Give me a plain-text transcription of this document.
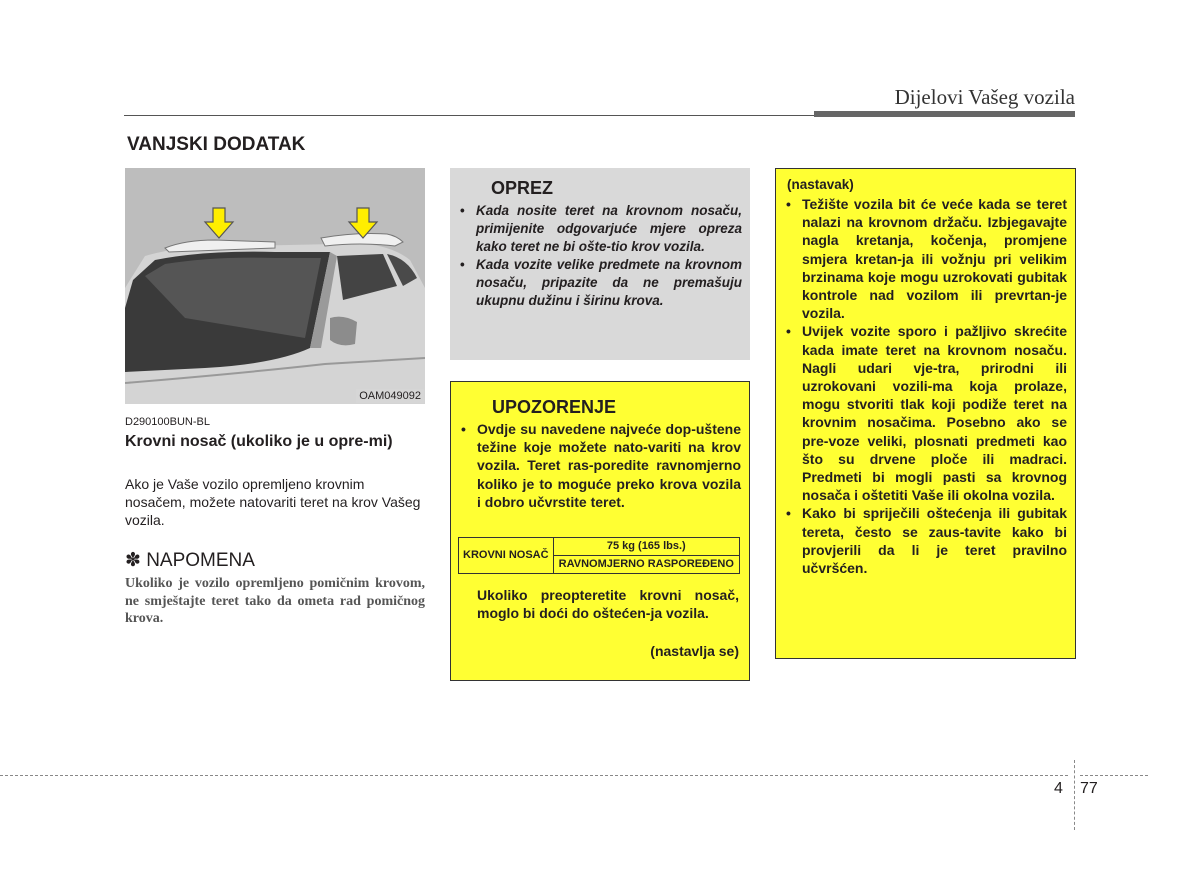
Dijelovi Vašeg vozila
VANJSKI DODATAK
OAM049092
D290100BUN-BL
Krovni nosač (ukoliko je u opre-mi)
Ako je Vaše vozilo opremljeno krovnim nosačem, možete natovariti teret na krov Vašeg vozila.
✽ NAPOMENA
Ukoliko je vozilo opremljeno pomičnim krovom, ne smještajte teret tako da ometa rad pomičnog krova.
OPREZ
• Kada nosite teret na krovnom nosaču, primijenite odgovarjuće mjere opreza kako teret ne bi ošte-tio krov vozila.
• Kada vozite velike predmete na krovnom nosaču, pripazite da ne premašuju ukupnu dužinu i širinu krova.
UPOZORENJE
• Ovdje su navedene najveće dop-uštene težine koje možete nato-variti na krov vozila. Teret ras-poredite ravnomjerno koliko je to moguće preko krova vozila i dobro učvrstite teret.
KROVNI NOSAČ	75 kg (165 lbs.)
RAVNOMJERNO RASPOREĐENO
Ukoliko preopteretite krovni nosač, moglo bi doći do oštećen-ja vozila.
(nastavlja se)
(nastavak)
• Težište vozila bit će veće kada se teret nalazi na krovnom držaču. Izbjegavajte nagla kretanja, kočenja, promjene smjera kretan-ja ili vožnju pri velikim brzinama koje mogu uzrokovati gubitak kontrole nad vozilom ili prevrtan-je vozila.
• Uvijek vozite sporo i pažljivo skrećite kada imate teret na krovnom nosaču. Nagli udari vje-tra, prirodni ili uzrokovani vozili-ma koja prolaze, mogu stvoriti tlak koji podiže teret na krovnim nosačima. Posebno ako se pre-voze veliki, plosnati predmeti kao što su drvene ploče ili madraci. Predmeti bi mogli pasti sa krovnog nosača i oštetiti Vaše ili okolna vozila.
• Kako bi spriječili oštećenja ili gubitak tereta, često se zaus-tavite kako bi provjerili da li je teret pravilno učvršćen.
4 77
